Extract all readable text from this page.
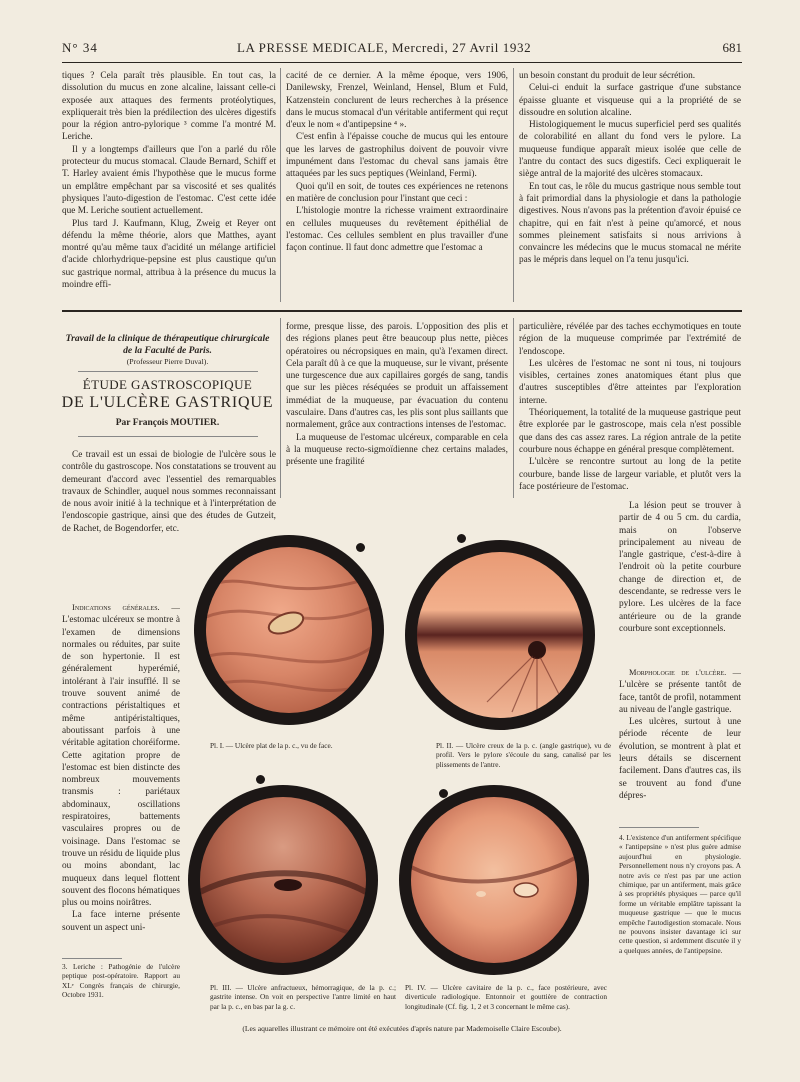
N° 34	LA PRESSE MEDICALE, Mercredi, 27 Avril 1932	681

tiques ? Cela paraît très plausible. En tout cas, la dissolution du mucus en zone alcaline, laissant celle-ci exposée aux attaques des ferments protéolytiques, expliquerait très bien la prédilection des ulcères digestifs pour la région antro-pylorique ³ comme l'a montré M. Leriche.

Il y a longtemps d'ailleurs que l'on a parlé du rôle protecteur du mucus stomacal. Claude Bernard, Schiff et T. Harley avaient émis l'hypothèse que le mucus forme un emplâtre empêchant par sa viscosité et ses qualités physiques l'auto-digestion de l'estomac. C'est cette idée que M. Leriche soutient actuellement.

Plus tard J. Kaufmann, Klug, Zweig et Reyer ont défendu la même théorie, alors que Matthes, ayant montré qu'au même taux d'acidité un mélange artificiel d'acide chlorhydrique-pepsine est plus caustique qu'un suc gastrique normal, attribua à la présence du mucus la moindre effi-

cacité de ce dernier. A la même époque, vers 1906, Danilewsky, Frenzel, Weinland, Hensel, Blum et Fuld, Katzenstein conclurent de leurs recherches à la présence dans le mucus stomacal d'un véritable antiferment qui reçut d'eux le nom « d'antipepsine ⁴ ».

C'est enfin à l'épaisse couche de mucus qui les entoure que les larves de gastrophilus doivent de pouvoir vivre impunément dans l'estomac du cheval sans jamais être attaquées par les sucs peptiques (Weinland, Fermi).

Quoi qu'il en soit, de toutes ces expériences ne retenons en matière de conclusion pour l'instant que ceci :

L'histologie montre la richesse vraiment extraordinaire en cellules muqueuses du revêtement épithélial de l'estomac. Ces cellules semblent en plus travailler d'une façon continue. Il faut donc admettre que l'estomac a

un besoin constant du produit de leur sécrétion.

Celui-ci enduit la surface gastrique d'une substance épaisse gluante et visqueuse qui a la propriété de se dissoudre en solution alcaline.

Histologiquement le mucus superficiel perd ses qualités de colorabilité en allant du fond vers le pylore. La muqueuse fundique apparaît mieux isolée que celle de l'antre du contact des sucs digestifs. Ceci expliquerait le siège antral de la majorité des ulcères stomacaux.

En tout cas, le rôle du mucus gastrique nous semble tout à fait primordial dans la physiologie et dans la pathologie digestives. Nous n'avons pas la prétention d'avoir épuisé ce chapitre, qui en fait n'est à peine qu'amorcé, et nous sommes pleinement satisfaits si nous arrivions à convaincre les médecins que le mucus stomacal ne mérite pas le mépris dans lequel on l'a tenu jusqu'ici.

Travail de la clinique de thérapeutique chirurgicale de la Faculté de Paris.
(Professeur Pierre Duval).
ÉTUDE GASTROSCOPIQUE
DE L'ULCÈRE GASTRIQUE
Par François MOUTIER.

Ce travail est un essai de biologie de l'ulcère sous le contrôle du gastroscope. Nos constatations se trouvent au demeurant d'accord avec l'essentiel des remarquables travaux de Schindler, auquel nous sommes reconnaissant de nous avoir initié à la technique et à l'interprétation de l'endoscopie gastrique, ainsi que des études de Gutzeit, de Rachet, de Bogendorfer, etc.

Indications générales. — L'estomac ulcéreux se montre à l'examen de dimensions normales ou réduites, par suite de son hypertonie. Il est généralement hyperémié, intolérant à l'air insufflé. Il se trouve souvent animé de contractions péristaltiques et même antipéristaltiques, aboutissant parfois à une véritable agitation choréiforme. Cette agitation propre de l'estomac est bien distincte des nombreux mouvements transmis : pariétaux abdominaux, oscillations respiratoires, battements vasculaires propres ou de voisinage. Dans l'estomac se trouve un résidu de liquide plus ou moins abondant, lac muqueux dans lequel flottent souvent des flocons hématiques plus ou moins noirâtres.

La face interne présente souvent un aspect uni-

3. Leriche : Pathogénie de l'ulcère peptique post-opératoire. Rapport au XLᵉ Congrès français de chirurgie, Octobre 1931.

forme, presque lisse, des parois. L'opposition des plis et des régions planes peut être beaucoup plus nette, pièces opératoires ou nécropsiques en main, qu'à l'examen direct. Cela paraît dû à ce que la muqueuse, sur le vivant, présente une turgescence due aux capillaires gorgés de sang, tandis que sur les pièces réséquées se produit un affaissement immédiat de la muqueuse, par évacuation du contenu vasculaire. Dans d'autres cas, les plis sont plus saillants que normalement, grâce aux contractions intenses de l'estomac.

La muqueuse de l'estomac ulcéreux, comparable en cela à la muqueuse recto-sigmoïdienne chez certains malades, présente une fragilité

particulière, révélée par des taches ecchymotiques en toute région de la muqueuse comprimée par l'extrémité de l'endoscope.

Les ulcères de l'estomac ne sont ni tous, ni toujours visibles, certaines zones anatomiques étant plus que d'autres susceptibles d'être atteintes par l'exploration interne.

Théoriquement, la totalité de la muqueuse gastrique peut être explorée par le gastroscope, mais cela n'est possible que dans des cas assez rares. La région antrale de la petite courbure nous échappe en général presque complètement.

L'ulcère se rencontre surtout au long de la petite courbure, bande lisse de largeur variable, et plutôt vers la face postérieure de l'estomac.

La lésion peut se trouver à partir de 4 ou 5 cm. du cardia, mais on l'observe principalement au niveau de l'angle gastrique, c'est-à-dire à l'endroit où la petite courbure change de direction et, de descendante, se redresse vers le pylore. Les ulcères de la face antérieure ou de la grande courbure sont exceptionnels.

Morphologie de l'ulcère. — L'ulcère se présente tantôt de face, tantôt de profil, notamment au niveau de l'angle gastrique.

Les ulcères, surtout à une période récente de leur évolution, se montrent à plat et leurs détails se discernent facilement. Dans d'autres cas, ils se trouvent au fond d'une dépres-

4. L'existence d'un antiferment spécifique « l'antipepsine » n'est plus guère admise aujourd'hui en physiologie. Personnellement nous n'y croyons pas. A notre avis ce n'est pas par une action chimique, par un antiferment, mais grâce à ses propriétés physiques — parce qu'il forme un véritable emplâtre tapissant la muqueuse gastrique — que le mucus empêche l'autodigestion stomacale. Nous ne pouvons insister davantage ici sur cette question, si ardemment discutée il y a quelques années, de l'antipepsine.
Pl. I. — Ulcère plat de la p. c., vu de face.	Pl. II. — Ulcère creux de la p. c. (angle gastrique), vu de profil. Vers le pylore s'écoule du sang, canalisé par les plissements de l'antre.
Pl. III. — Ulcère anfractueux, hémorragique, de la p. c.; gastrite intense. On voit en perspective l'antre limité en haut par la p. c., en bas par la g. c.
Pl. IV. — Ulcère cavitaire de la p. c., face postérieure, avec diverticule radiologique. Entonnoir et gouttière de contraction longitudinale (Cf. fig. 1, 2 et 3 concernant le même cas).
(Les aquarelles illustrant ce mémoire ont été exécutées d'après nature par Mademoiselle Claire Escoube).
